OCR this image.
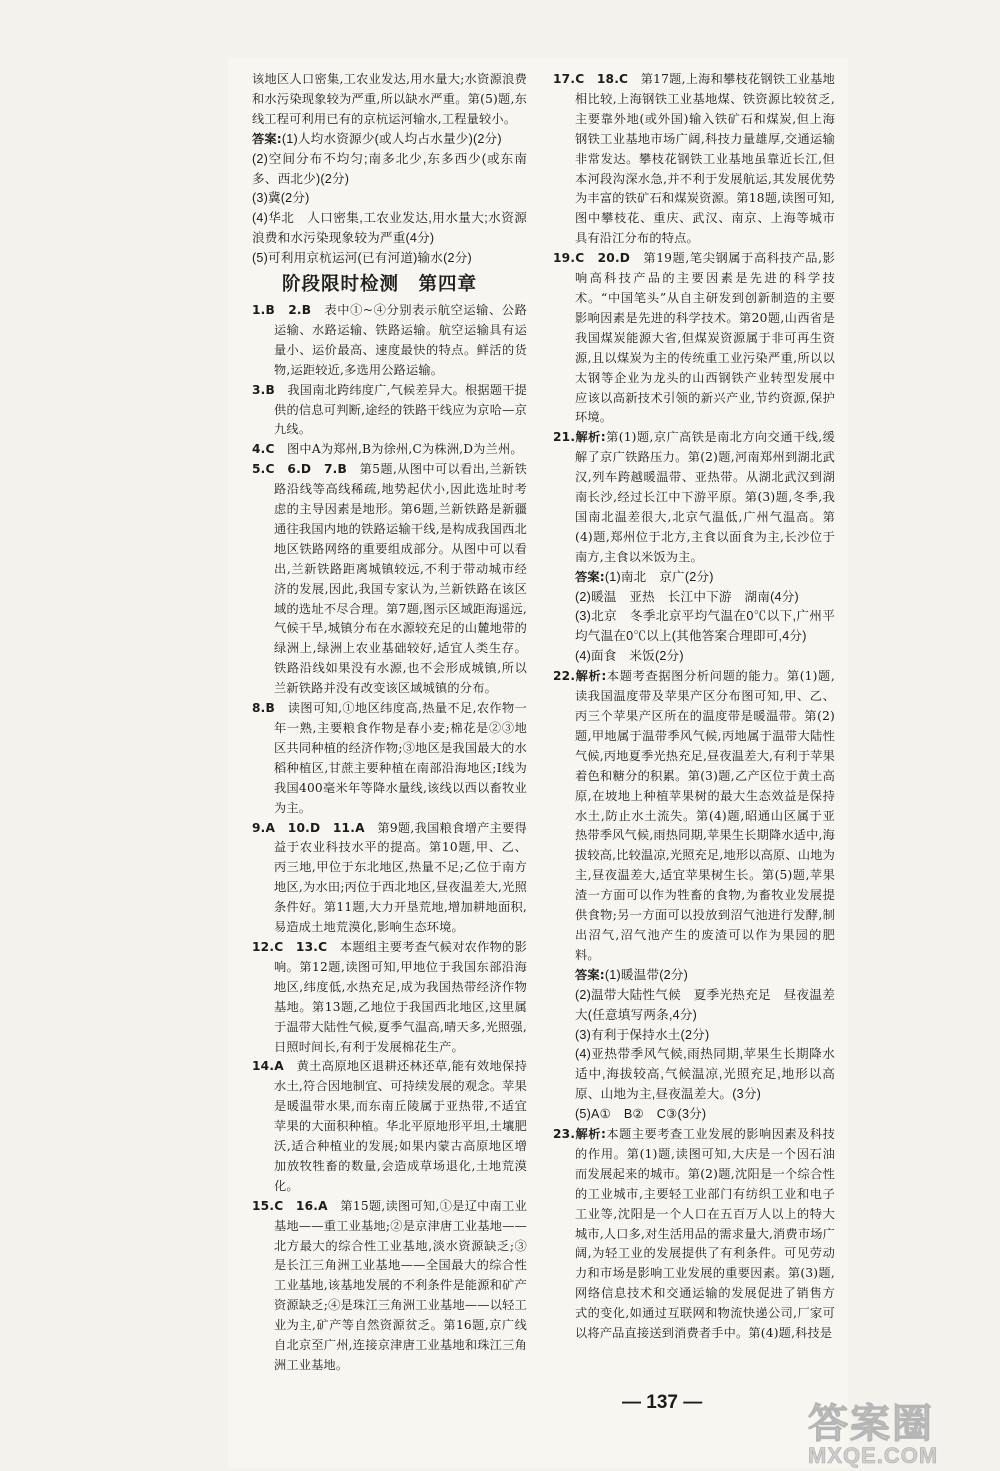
该地区人口密集,工农业发达,用水量大;水资源浪费和水污染现象较为严重,所以缺水严重。第(5)题,东线工程可利用已有的京杭运河输水,工程量较小。

答案:(1)人均水资源少(或人均占水量少)(2分)

(2)空间分布不均匀;南多北少,东多西少(或东南多、西北少)(2分)

(3)冀(2分)

(4)华北　人口密集,工农业发达,用水量大;水资源浪费和水污染现象较为严重(4分)

(5)可利用京杭运河(已有河道)输水(2分)

阶段限时检测　第四章

1.B　2.B　 表中①~④分别表示航空运输、公路运输、水路运输、铁路运输。航空运输具有运量小、运价最高、速度最快的特点。鲜活的货物,运距较近,多选用公路运输。

3.B　 我国南北跨纬度广,气候差异大。根据题干提供的信息可判断,途经的铁路干线应为京哈—京九线。

4.C　 图中A为郑州,B为徐州,C为株洲,D为兰州。

5.C　6.D　7.B　 第5题,从图中可以看出,兰新铁路沿线等高线稀疏,地势起伏小,因此选址时考虑的主导因素是地形。第6题,兰新铁路是新疆通往我国内地的铁路运输干线,是构成我国西北地区铁路网络的重要组成部分。从图中可以看出,兰新铁路距离城镇较远,不利于带动城市经济的发展,因此,我国专家认为,兰新铁路在该区域的选址不尽合理。第7题,图示区域距海遥远,气候干旱,城镇分布在水源较充足的山麓地带的绿洲上,绿洲上农业基础较好,适宜人类生存。铁路沿线如果没有水源,也不会形成城镇,所以兰新铁路并没有改变该区域城镇的分布。

8.B　 读图可知,①地区纬度高,热量不足,农作物一年一熟,主要粮食作物是春小麦;棉花是②③地区共同种植的经济作物;③地区是我国最大的水稻种植区,甘蔗主要种植在南部沿海地区;Ⅰ线为我国400毫米年等降水量线,该线以西以畜牧业为主。

9.A　10.D　11.A　 第9题,我国粮食增产主要得益于农业科技水平的提高。第10题,甲、乙、丙三地,甲位于东北地区,热量不足;乙位于南方地区,为水田;丙位于西北地区,昼夜温差大,光照条件好。第11题,大力开垦荒地,增加耕地面积,易造成土地荒漠化,影响生态环境。

12.C　13.C　 本题组主要考查气候对农作物的影响。第12题,读图可知,甲地位于我国东部沿海地区,纬度低,水热充足,成为我国热带经济作物基地。第13题,乙地位于我国西北地区,这里属于温带大陆性气候,夏季气温高,晴天多,光照强,日照时间长,有利于发展棉花生产。

14.A　 黄土高原地区退耕还林还草,能有效地保持水土,符合因地制宜、可持续发展的观念。苹果是暖温带水果,而东南丘陵属于亚热带,不适宜苹果的大面积种植。华北平原地形平坦,土壤肥沃,适合种植业的发展;如果内蒙古高原地区增加放牧牲畜的数量,会造成草场退化,土地荒漠化。

15.C　16.A　 第15题,读图可知,①是辽中南工业基地——重工业基地;②是京津唐工业基地——北方最大的综合性工业基地,淡水资源缺乏;③是长江三角洲工业基地——全国最大的综合性工业基地,该基地发展的不利条件是能源和矿产资源缺乏;④是珠江三角洲工业基地——以轻工业为主,矿产等自然资源贫乏。第16题,京广线自北京至广州,连接京津唐工业基地和珠江三角洲工业基地。

17.C　18.C　 第17题,上海和攀枝花钢铁工业基地相比较,上海钢铁工业基地煤、铁资源比较贫乏,主要靠外地(或外国)输入铁矿石和煤炭,但上海钢铁工业基地市场广阔,科技力量雄厚,交通运输非常发达。攀枝花钢铁工业基地虽靠近长江,但本河段沟深水急,并不利于发展航运,其发展优势为丰富的铁矿石和煤炭资源。第18题,读图可知,图中攀枝花、重庆、武汉、南京、上海等城市具有沿江分布的特点。

19.C　20.D　 第19题,笔尖钢属于高科技产品,影响高科技产品的主要因素是先进的科学技术。“中国笔头”从自主研发到创新制造的主要影响因素是先进的科学技术。第20题,山西省是我国煤炭能源大省,但煤炭资源属于非可再生资源,且以煤炭为主的传统重工业污染严重,所以以太钢等企业为龙头的山西钢铁产业转型发展中应该以高新技术引领的新兴产业,节约资源,保护环境。

21.解析:第(1)题,京广高铁是南北方向交通干线,缓解了京广铁路压力。第(2)题,河南郑州到湖北武汉,列车跨越暖温带、亚热带。从湖北武汉到湖南长沙,经过长江中下游平原。第(3)题,冬季,我国南北温差很大,北京气温低,广州气温高。第(4)题,郑州位于北方,主食以面食为主,长沙位于南方,主食以米饭为主。

答案:(1)南北　京广(2分)

(2)暖温　亚热　长江中下游　湖南(4分)

(3)北京　冬季北京平均气温在0℃以下,广州平均气温在0℃以上(其他答案合理即可,4分)

(4)面食　米饭(2分)

22.解析:本题考查据图分析问题的能力。第(1)题,读我国温度带及苹果产区分布图可知,甲、乙、丙三个苹果产区所在的温度带是暖温带。第(2)题,甲地属于温带季风气候,丙地属于温带大陆性气候,丙地夏季光热充足,昼夜温差大,有利于苹果着色和糖分的积累。第(3)题,乙产区位于黄土高原,在坡地上种植苹果树的最大生态效益是保持水土,防止水土流失。第(4)题,昭通山区属于亚热带季风气候,雨热同期,苹果生长期降水适中,海拔较高,比较温凉,光照充足,地形以高原、山地为主,昼夜温差大,适宜苹果树生长。第(5)题,苹果渣一方面可以作为牲畜的食物,为畜牧业发展提供食物;另一方面可以投放到沼气池进行发酵,制出沼气,沼气池产生的废渣可以作为果园的肥料。

答案:(1)暖温带(2分)

(2)温带大陆性气候　夏季光热充足　昼夜温差大(任意填写两条,4分)

(3)有利于保持水土(2分)

(4)亚热带季风气候,雨热同期,苹果生长期降水适中,海拔较高,气候温凉,光照充足,地形以高原、山地为主,昼夜温差大。(3分)

(5)A①　B②　C③(3分)

23.解析:本题主要考查工业发展的影响因素及科技的作用。第(1)题,读图可知,大庆是一个因石油而发展起来的城市。第(2)题,沈阳是一个综合性的工业城市,主要轻工业部门有纺织工业和电子工业等,沈阳是一个人口在五百万人以上的特大城市,人口多,对生活用品的需求量大,消费市场广阔,为轻工业的发展提供了有利条件。可见劳动力和市场是影响工业发展的重要因素。第(3)题,网络信息技术和交通运输的发展促进了销售方式的变化,如通过互联网和物流快递公司,厂家可以将产品直接送到消费者手中。第(4)题,科技是

— 137 —	答案圈
MXQE.COM
